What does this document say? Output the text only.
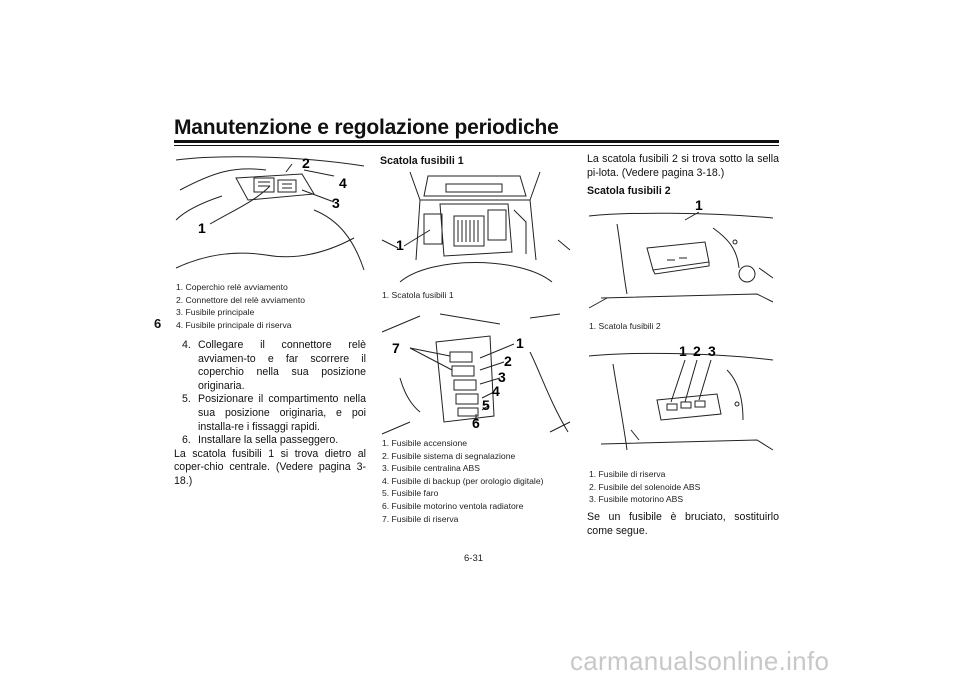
Manutenzione e regolazione periodiche
6
2
4
3
1
1. Coperchio relè avviamento
2. Connettore del relè avviamento
3. Fusibile principale
4. Fusibile principale di riserva
4. Collegare il connettore relè avviamen-to e far scorrere il coperchio nella sua posizione originaria.
5. Posizionare il compartimento nella sua posizione originaria, e poi installa-re i fissaggi rapidi.
6. Installare la sella passeggero.
La scatola fusibili 1 si trova dietro al coper-chio centrale. (Vedere pagina 3-18.)
Scatola fusibili 1
1
1. Scatola fusibili 1
7	1
2
3
4
5
6
1. Fusibile accensione
2. Fusibile sistema di segnalazione
3. Fusibile centralina ABS
4. Fusibile di backup (per orologio digitale)
5. Fusibile faro
6. Fusibile motorino ventola radiatore
7. Fusibile di riserva
La scatola fusibili 2 si trova sotto la sella pi-lota. (Vedere pagina 3-18.)
Scatola fusibili 2
1
1. Scatola fusibili 2
1 2 3
1. Fusibile di riserva
2. Fusibile del solenoide ABS
3. Fusibile motorino ABS
Se un fusibile è bruciato, sostituirlo come segue.
6-31
carmanualsonline.info
